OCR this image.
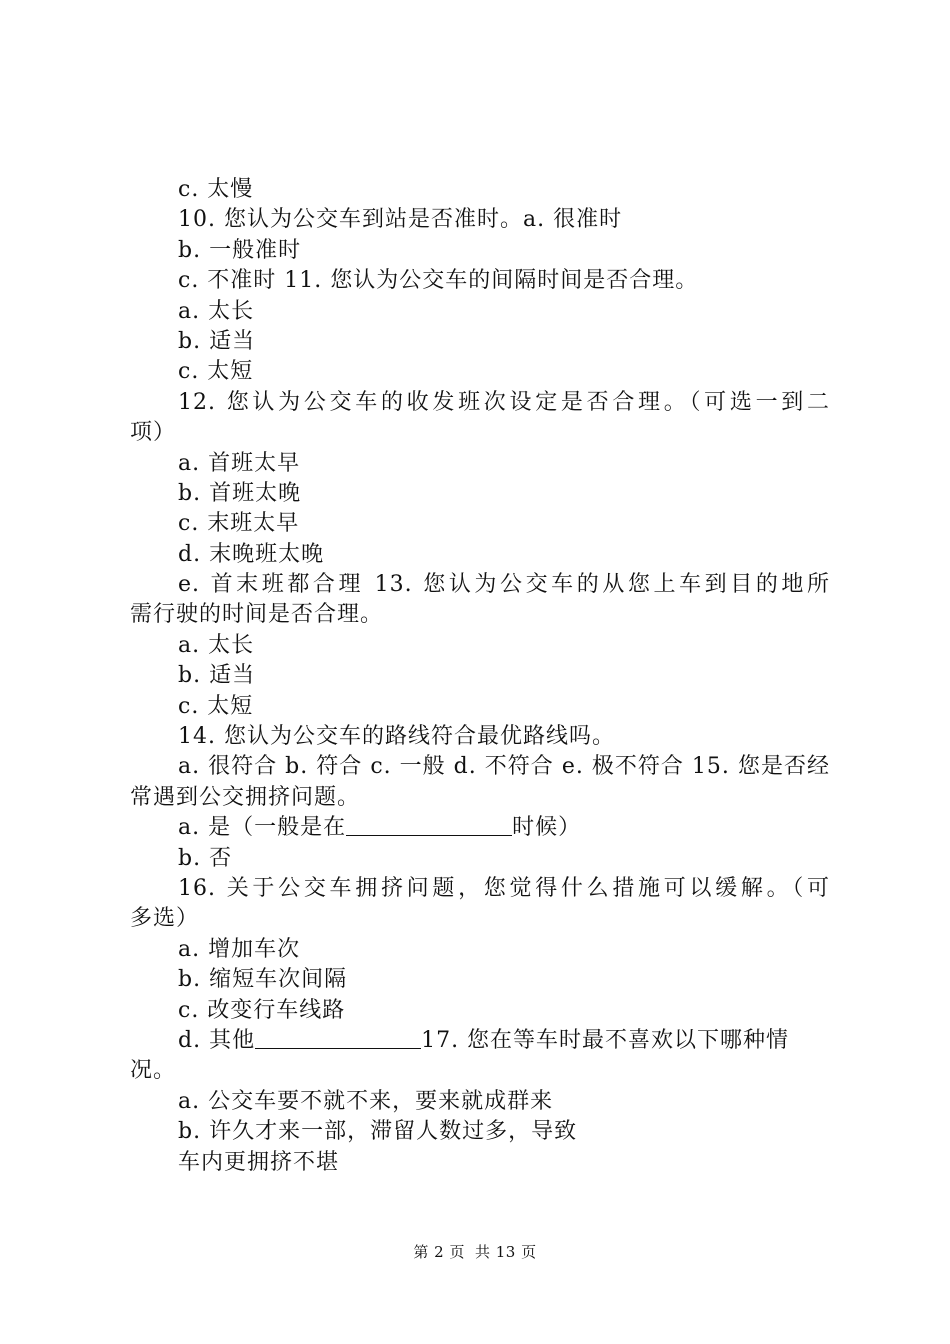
c. 太慢
10. 您认为公交车到站是否准时。a. 很准时
b. 一般准时
c. 不准时 11. 您认为公交车的间隔时间是否合理。
a. 太长
b. 适当
c. 太短
12. 您认为公交车的收发班次设定是否合理。（可选一到二
项）
a. 首班太早
b. 首班太晚
c. 末班太早
d. 末晚班太晚
e. 首末班都合理 13. 您认为公交车的从您上车到目的地所
需行驶的时间是否合理。
a. 太长
b. 适当
c. 太短
14. 您认为公交车的路线符合最优路线吗。
a. 很符合 b. 符合 c. 一般 d. 不符合 e. 极不符合 15. 您是否经
常遇到公交拥挤问题。
a. 是（一般是在	时候）
b. 否
16. 关于公交车拥挤问题，您觉得什么措施可以缓解。（可
多选）
a. 增加车次
b. 缩短车次间隔
c. 改变行车线路
d. 其他	17. 您在等车时最不喜欢以下哪种情
况。
a. 公交车要不就不来，要来就成群来
b. 许久才来一部，滞留人数过多，导致
车内更拥挤不堪
第 2 页 共 13 页
